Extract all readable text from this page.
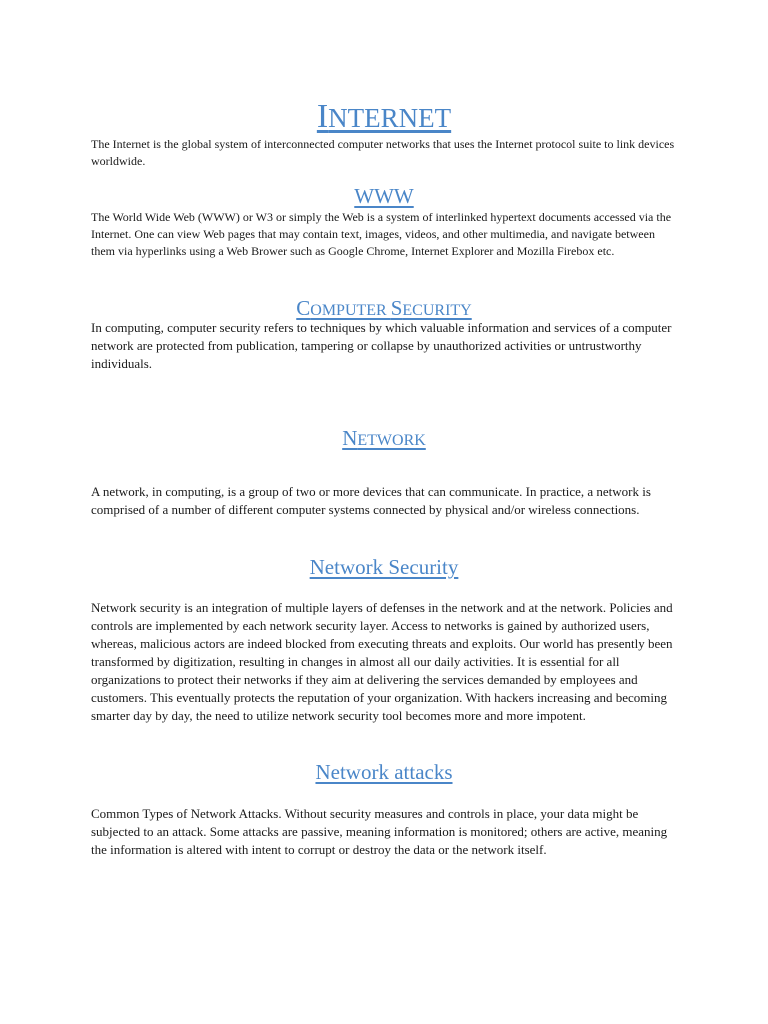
INTERNET

The Internet is the global system of interconnected computer networks that uses the Internet protocol suite to link devices worldwide.

WWW

The World Wide Web (WWW) or W3 or simply the Web is a system of interlinked hypertext documents accessed via the Internet. One can view Web pages that may contain text, images, videos, and other multimedia, and navigate between them via hyperlinks using a Web Brower such as Google Chrome, Internet Explorer and Mozilla Firebox etc.

COMPUTER SECURITY

In computing, computer security refers to techniques by which valuable information and services of a computer network are protected from publication, tampering or collapse by unauthorized activities or untrustworthy individuals.

NETWORK

A network, in computing, is a group of two or more devices that can communicate. In practice, a network is comprised of a number of different computer systems connected by physical and/or wireless connections.

Network Security

Network security is an integration of multiple layers of defenses in the network and at the network. Policies and controls are implemented by each network security layer. Access to networks is gained by authorized users, whereas, malicious actors are indeed blocked from executing threats and exploits. Our world has presently been transformed by digitization, resulting in changes in almost all our daily activities. It is essential for all organizations to protect their networks if they aim at delivering the services demanded by employees and customers. This eventually protects the reputation of your organization. With hackers increasing and becoming smarter day by day, the need to utilize network security tool becomes more and more impotent.

Network attacks

Common Types of Network Attacks. Without security measures and controls in place, your data might be subjected to an attack. Some attacks are passive, meaning information is monitored; others are active, meaning the information is altered with intent to corrupt or destroy the data or the network itself.
